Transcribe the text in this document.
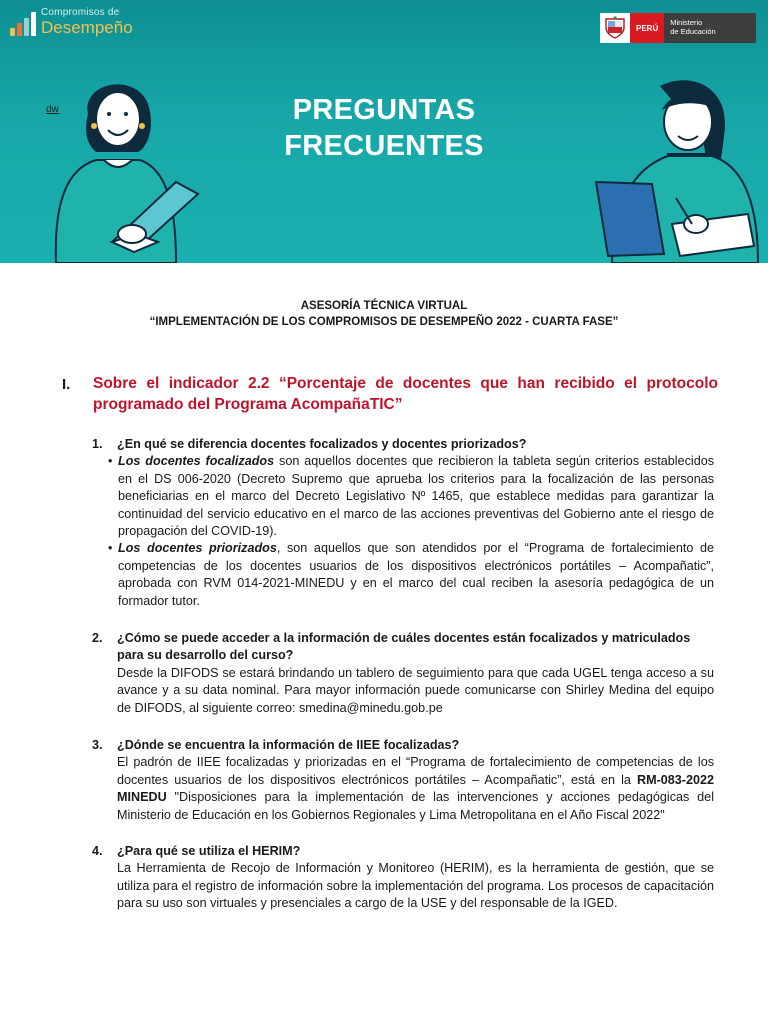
Compromisos de
Desempeño	PERÚ
Ministerio
de Educación
dw	PREGUNTAS
FRECUENTES
ASESORÍA TÉCNICA VIRTUAL
“IMPLEMENTACIÓN DE LOS COMPROMISOS DE DESEMPEÑO 2022 - CUARTA FASE”
I. Sobre el indicador 2.2 “Porcentaje de docentes que han recibido el protocolo programado del Programa AcompañaTIC”
1.	¿En qué se diferencia docentes focalizados y docentes priorizados?
• Los docentes focalizados son aquellos docentes que recibieron la tableta según criterios establecidos en el DS 006-2020 (Decreto Supremo que aprueba los criterios para la focalización de las personas beneficiarias en el marco del Decreto Legislativo Nº 1465, que establece medidas para garantizar la continuidad del servicio educativo en el marco de las acciones preventivas del Gobierno ante el riesgo de propagación del COVID-19).
• Los docentes priorizados, son aquellos que son atendidos por el “Programa de fortalecimiento de competencias de los docentes usuarios de los dispositivos electrónicos portátiles – Acompañatic”, aprobada con RVM 014-2021-MINEDU y en el marco del cual reciben la asesoría pedagógica de un formador tutor.
2.	¿Cómo se puede acceder a la información de cuáles docentes están focalizados y matriculados para su desarrollo del curso?
Desde la DIFODS se estará brindando un tablero de seguimiento para que cada UGEL tenga acceso a su avance y a su data nominal. Para mayor información puede comunicarse con Shirley Medina del equipo de DIFODS, al siguiente correo: smedina@minedu.gob.pe
3.	¿Dónde se encuentra la información de IIEE focalizadas?
El padrón de IIEE focalizadas y priorizadas en el “Programa de fortalecimiento de competencias de los docentes usuarios de los dispositivos electrónicos portátiles – Acompañatic”, está en la RM-083-2022 MINEDU "Disposiciones para la implementación de las intervenciones y acciones pedagógicas del Ministerio de Educación en los Gobiernos Regionales y Lima Metropolitana en el Año Fiscal 2022"
4.	¿Para qué se utiliza el HERIM?
La Herramienta de Recojo de Información y Monitoreo (HERIM), es la herramienta de gestión, que se utiliza para el registro de información sobre la implementación del programa. Los procesos de capacitación para su uso son virtuales y presenciales a cargo de la USE y del responsable de la IGED.
